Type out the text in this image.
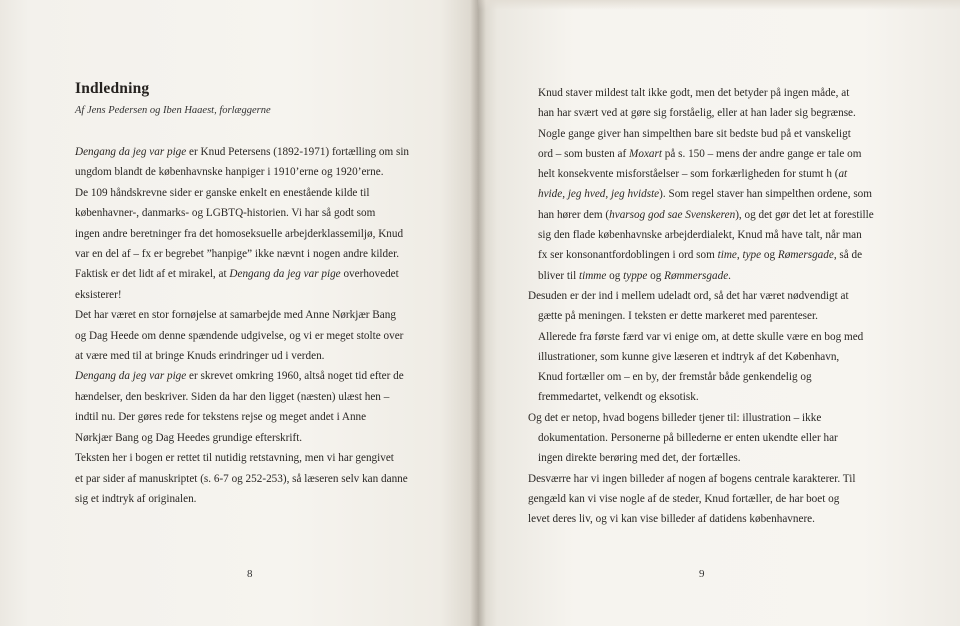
Indledning
Af Jens Pedersen og Iben Haaest, forlæggerne
Dengang da jeg var pige er Knud Petersens (1892-1971) fortælling om sin
ungdom blandt de københavnske hanpiger i 1910’erne og 1920’erne.
De 109 håndskrevne sider er ganske enkelt en enestående kilde til
københavner-, danmarks- og LGBTQ-historien. Vi har så godt som
ingen andre beretninger fra det homoseksuelle arbejderklassemiljø, Knud
var en del af – fx er begrebet ”hanpige” ikke nævnt i nogen andre kilder.
Faktisk er det lidt af et mirakel, at Dengang da jeg var pige overhovedet
eksisterer!
Det har været en stor fornøjelse at samarbejde med Anne Nørkjær Bang
og Dag Heede om denne spændende udgivelse, og vi er meget stolte over
at være med til at bringe Knuds erindringer ud i verden.
Dengang da jeg var pige er skrevet omkring 1960, altså noget tid efter de
hændelser, den beskriver. Siden da har den ligget (næsten) ulæst hen –
indtil nu. Der gøres rede for tekstens rejse og meget andet i Anne
Nørkjær Bang og Dag Heedes grundige efterskrift.
Teksten her i bogen er rettet til nutidig retstavning, men vi har gengivet
et par sider af manuskriptet (s. 6-7 og 252-253), så læseren selv kan danne
sig et indtryk af originalen.
8
Knud staver mildest talt ikke godt, men det betyder på ingen måde, at
han har svært ved at gøre sig forståelig, eller at han lader sig begrænse.
Nogle gange giver han simpelthen bare sit bedste bud på et vanskeligt
ord – som busten af Moxart på s. 150 – mens der andre gange er tale om
helt konsekvente misforståelser – som forkærligheden for stumt h (at
hvide, jeg hved, jeg hvidste). Som regel staver han simpelthen ordene, som
han hører dem (hvarsog god sae Svenskeren), og det gør det let at forestille
sig den flade københavnske arbejderdialekt, Knud må have talt, når man
fx ser konsonantfordoblingen i ord som time, type og Rømersgade, så de
bliver til timme og typpe og Rømmersgade.
Desuden er der ind i mellem udeladt ord, så det har været nødvendigt at
gætte på meningen. I teksten er dette markeret med parenteser.
Allerede fra første færd var vi enige om, at dette skulle være en bog med
illustrationer, som kunne give læseren et indtryk af det København,
Knud fortæller om – en by, der fremstår både genkendelig og
fremmedartet, velkendt og eksotisk.
Og det er netop, hvad bogens billeder tjener til: illustration – ikke
dokumentation. Personerne på billederne er enten ukendte eller har
ingen direkte berøring med det, der fortælles.
Desværre har vi ingen billeder af nogen af bogens centrale karakterer. Til
gengæld kan vi vise nogle af de steder, Knud fortæller, de har boet og
levet deres liv, og vi kan vise billeder af datidens københavnere.
9
